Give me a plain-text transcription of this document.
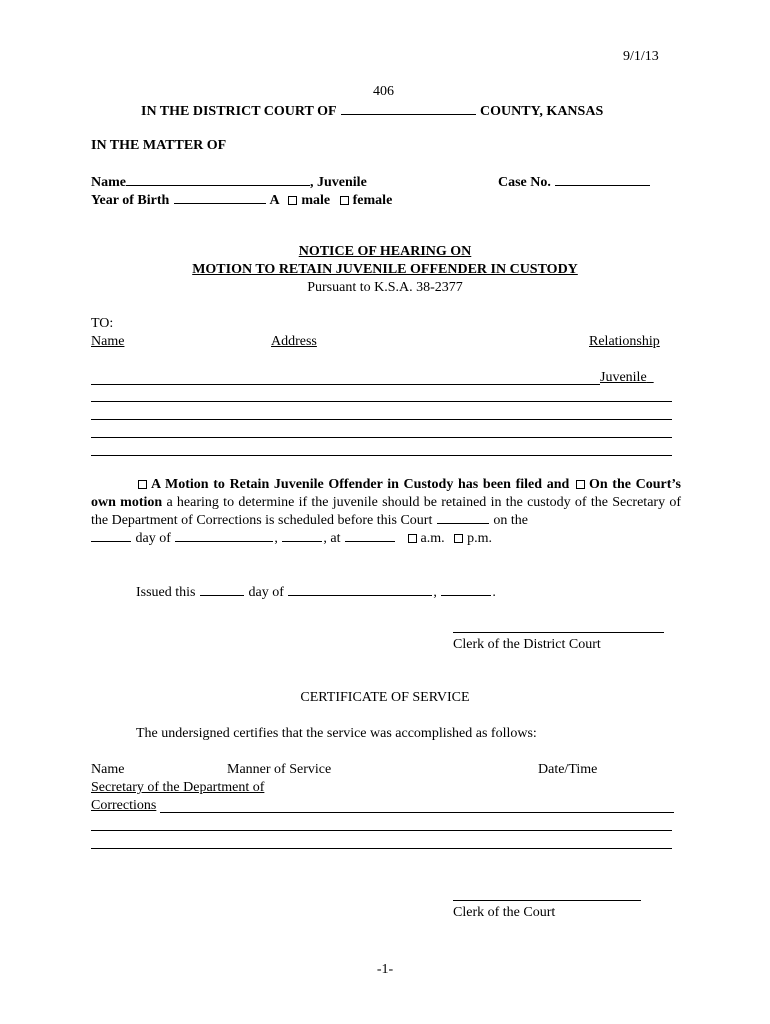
9/1/13
406
IN THE DISTRICT COURT OF	COUNTY, KANSAS
IN THE MATTER OF
Name	, Juvenile	Case No.
Year of Birth	A male female
NOTICE OF HEARING ON
MOTION TO RETAIN JUVENILE OFFENDER IN CUSTODY
Pursuant to K.S.A. 38-2377
TO:
Name	Address	Relationship
Juvenile
A Motion to Retain Juvenile Offender in Custody has been filed and On the Court’s own motion a hearing to determine if the juvenile should be retained in the custody of the Secretary of the Department of Corrections is scheduled before this Court	on the
day of	,	, at	a.m. p.m.
Issued this	day of	,	.
Clerk of the District Court
CERTIFICATE OF SERVICE
The undersigned certifies that the service was accomplished as follows:
Name	Manner of Service	Date/Time
Secretary of the Department of
Corrections
Clerk of the Court
-1-
